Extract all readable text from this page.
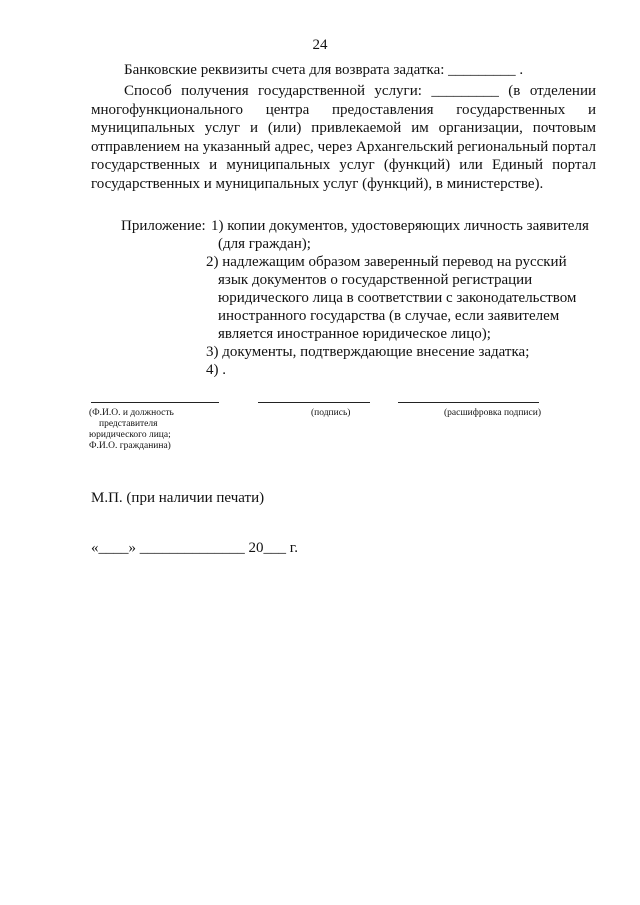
24
Банковские реквизиты счета для возврата задатка: _________ .
Способ получения государственной услуги: _________ (в отделении многофункционального центра предоставления государственных и муниципальных услуг и (или) привлекаемой им организации, почтовым отправлением на указанный адрес, через Архангельский региональный портал государственных и муниципальных услуг (функций) или Единый портал государственных и муниципальных услуг (функций), в министерстве).
Приложение: 1) копии документов, удостоверяющих личность заявителя
(для граждан);
2) надлежащим образом заверенный перевод на русский
язык документов о государственной регистрации
юридического лица в соответствии с законодательством
иностранного государства (в случае, если заявителем
является иностранное юридическое лицо);
3) документы, подтверждающие внесение задатка;
4) .
(Ф.И.О. и должность
представителя
юридического лица;
Ф.И.О. гражданина)
(подпись)	(расшифровка подписи)
М.П. (при наличии печати)
«____» ______________ 20___ г.
